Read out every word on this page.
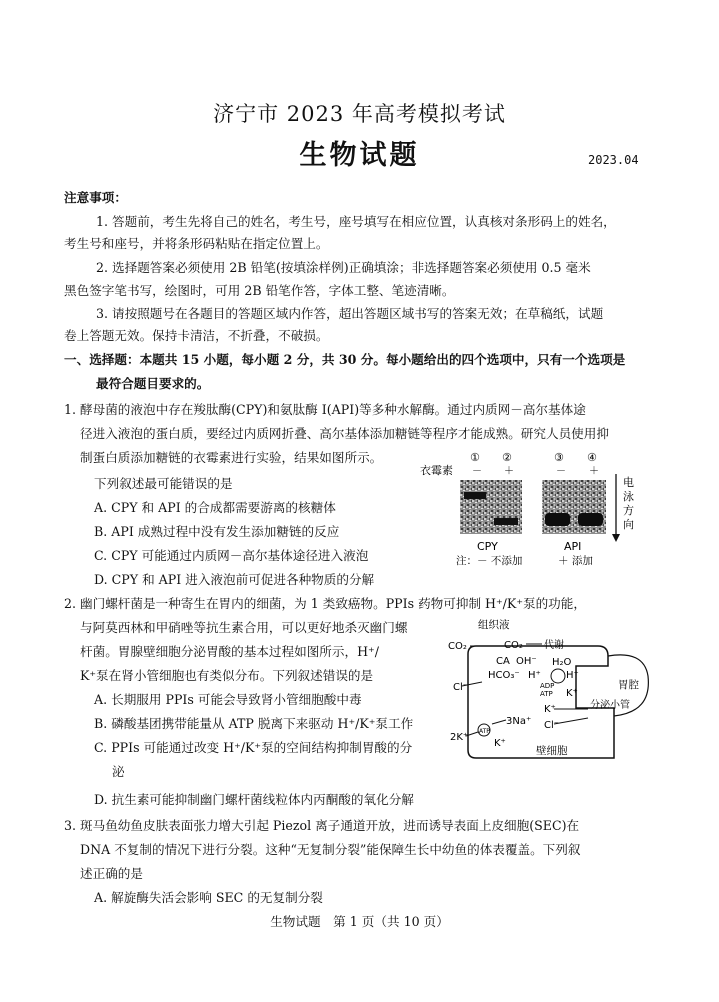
济宁市 2023 年高考模拟考试
生物试题	2023.04
注意事项：
1. 答题前，考生先将自己的姓名，考生号，座号填写在相应位置，认真核对条形码上的姓名，
考生号和座号，并将条形码粘贴在指定位置上。
2. 选择题答案必须使用 2B 铅笔(按填涂样例)正确填涂；非选择题答案必须使用 0.5 毫米
黑色签字笔书写，绘图时，可用 2B 铅笔作答，字体工整、笔迹清晰。
3. 请按照题号在各题目的答题区域内作答，超出答题区域书写的答案无效；在草稿纸，试题
卷上答题无效。保持卡清洁，不折叠，不破损。
一、选择题：本题共 15 小题，每小题 2 分，共 30 分。每小题给出的四个选项中，只有一个选项是
最符合题目要求的。
1. 酵母菌的液泡中存在羧肽酶(CPY)和氨肽酶 I(API)等多种水解酶。通过内质网－高尔基体途
径进入液泡的蛋白质，要经过内质网折叠、高尔基体添加糖链等程序才能成熟。研究人员使用抑
制蛋白质添加糖链的衣霉素进行实验，结果如图所示。
下列叙述最可能错误的是
A. CPY 和 API 的合成都需要游离的核糖体
B. API 成熟过程中没有发生添加糖链的反应
C. CPY 可能通过内质网－高尔基体途径进入液泡
D. CPY 和 API 进入液泡前可促进各种物质的分解
衣霉素
① ②	③ ④
－ ＋	－ ＋
电
泳
方
向
CPY	API
注：－ 不添加	＋ 添加
2. 幽门螺杆菌是一种寄生在胃内的细菌，为 1 类致癌物。PPIs 药物可抑制 H⁺/K⁺泵的功能，
与阿莫西林和甲硝唑等抗生素合用，可以更好地杀灭幽门螺
杆菌。胃腺壁细胞分泌胃酸的基本过程如图所示，H⁺/
K⁺泵在肾小管细胞也有类似分布。下列叙述错误的是
A. 长期服用 PPIs 可能会导致肾小管细胞酸中毒
B. 磷酸基团携带能量从 ATP 脱离下来驱动 H⁺/K⁺泵工作
C. PPIs 可能通过改变 H⁺/K⁺泵的空间结构抑制胃酸的分
泌
D. 抗生素可能抑制幽门螺杆菌线粒体内丙酮酸的氧化分解
组织液
CO₂	CO₂ 代谢
CA OH⁻ H₂O
HCO₃⁻ H⁺	H⁺
ADP
ATP
Cl⁻
K⁺
K⁺
Cl⁻
胃腔
分泌小管
ATP
3Na⁺
2K⁺
K⁺
壁细胞
3. 斑马鱼幼鱼皮肤表面张力增大引起 Piezol 离子通道开放，进而诱导表面上皮细胞(SEC)在
DNA 不复制的情况下进行分裂。这种“无复制分裂”能保障生长中幼鱼的体表覆盖。下列叙
述正确的是
A. 解旋酶失活会影响 SEC 的无复制分裂
生物试题　第 1 页（共 10 页）
